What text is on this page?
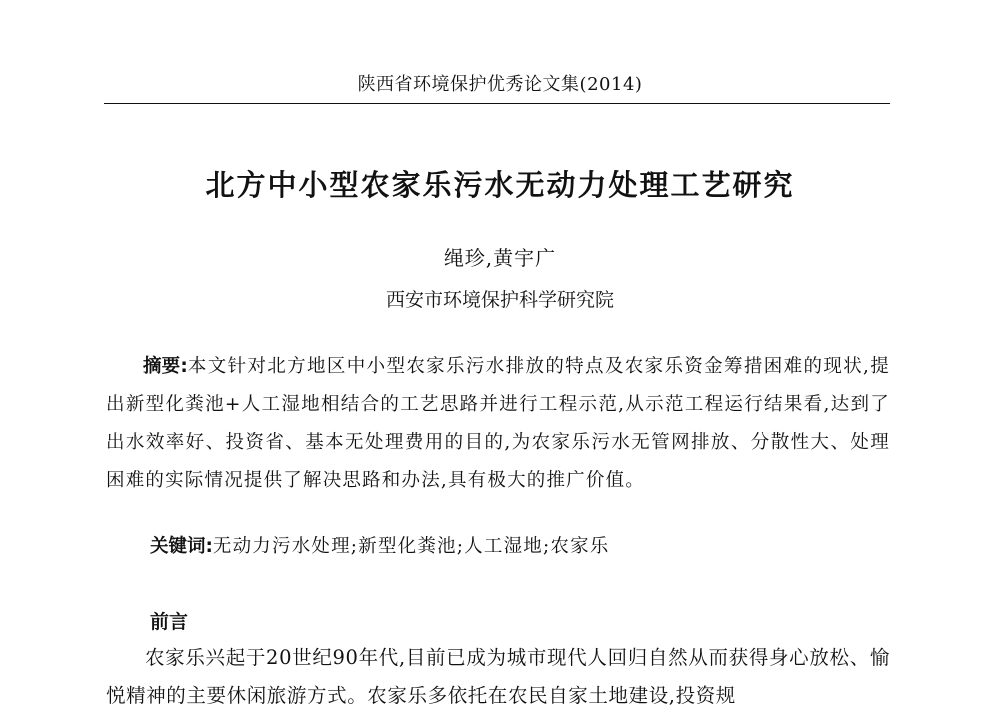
陕西省环境保护优秀论文集(2014)
北方中小型农家乐污水无动力处理工艺研究
绳珍,黄宇广
西安市环境保护科学研究院

摘要:本文针对北方地区中小型农家乐污水排放的特点及农家乐资金筹措困难的现状,提出新型化粪池+人工湿地相结合的工艺思路并进行工程示范,从示范工程运行结果看,达到了出水效率好、投资省、基本无处理费用的目的,为农家乐污水无管网排放、分散性大、处理困难的实际情况提供了解决思路和办法,具有极大的推广价值。

关键词:无动力污水处理;新型化粪池;人工湿地;农家乐

前言

农家乐兴起于20世纪90年代,目前已成为城市现代人回归自然从而获得身心放松、愉悦精神的主要休闲旅游方式。农家乐多依托在农民自家土地建设,投资规
